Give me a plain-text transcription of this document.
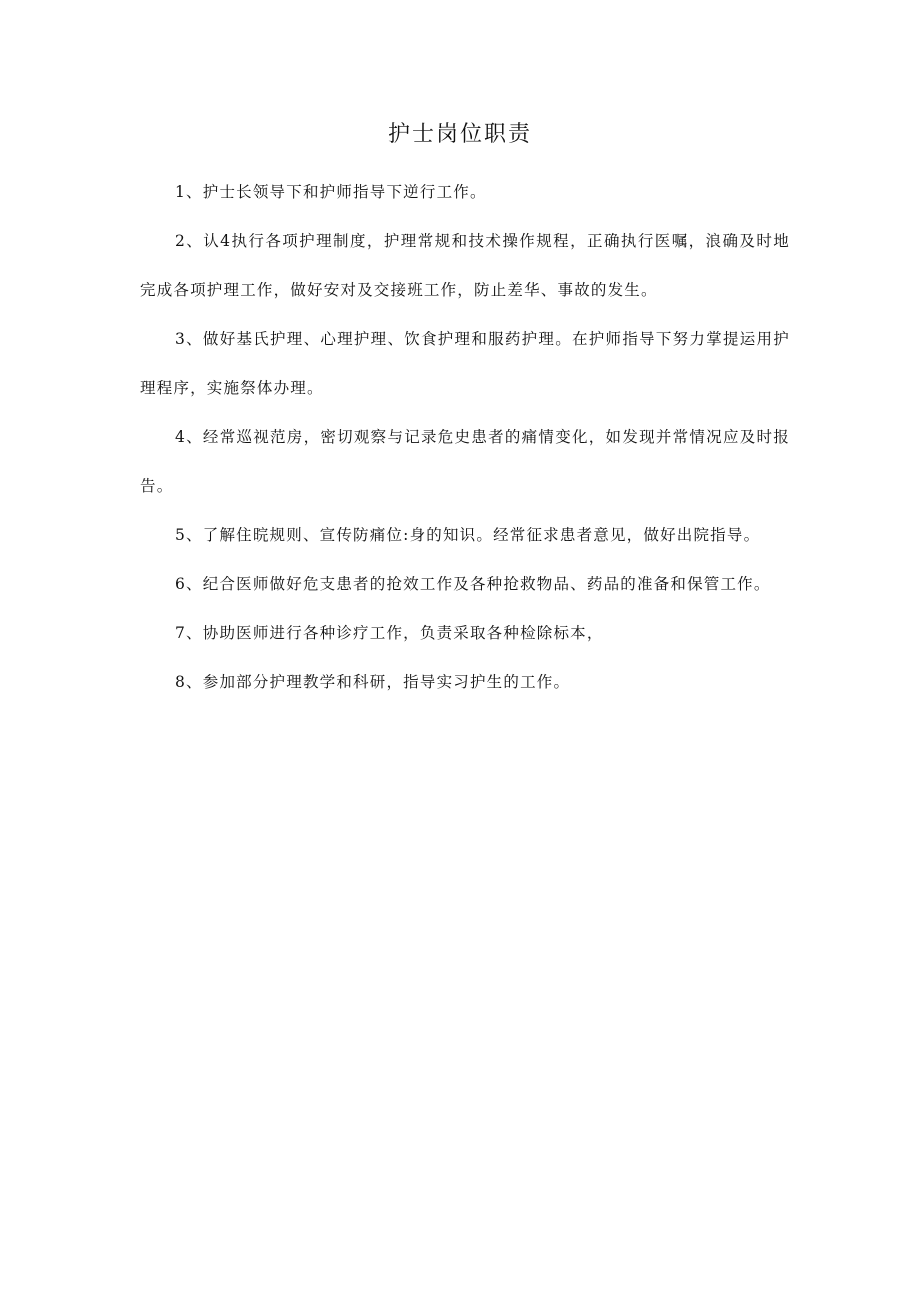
护士岗位职责

1、护士长领导下和护师指导下逆行工作。

2、认4执行各项护理制度，护理常规和技术操作规程，正确执行医嘱，浪确及时地完成各项护理工作，做好安对及交接班工作，防止差华、事故的发生。

3、做好基氏护理、心理护理、饮食护理和服药护理。在护师指导下努力掌提运用护理程序，实施祭体办理。

4、经常巡视范房，密切观察与记录危史患者的痛情变化，如发现并常情况应及时报告。

5、了解住晥规则、宣传防痛位:身的知识。经常征求患者意见，做好出院指导。

6、纪合医师做好危支患者的抢效工作及各种抢救物品、药品的准备和保管工作。

7、协助医师进行各种诊疗工作，负责采取各种检除标本，

8、参加部分护理教学和科研，指导实习护生的工作。
